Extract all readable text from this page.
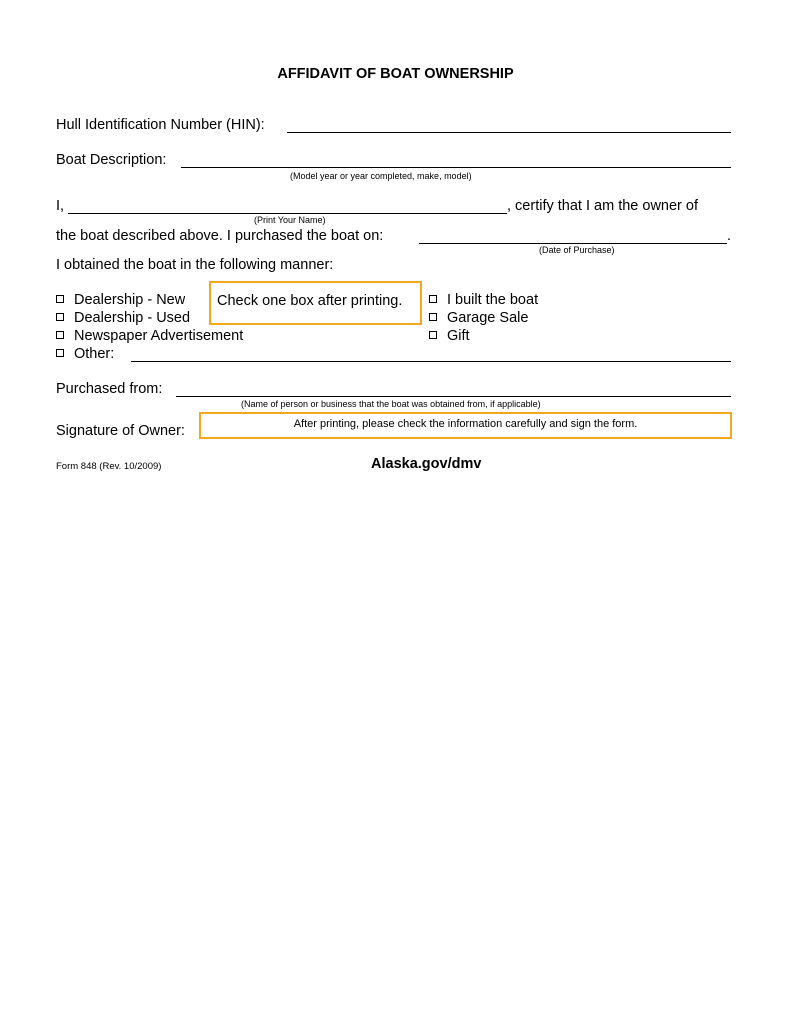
AFFIDAVIT OF BOAT OWNERSHIP
Hull Identification Number (HIN):
Boat Description:
(Model year or year completed, make, model)
I,	, certify that I am the owner of
(Print Your Name)
the boat described above. I purchased the boat on:	.
(Date of Purchase)
I obtained the boat in the following manner:
Dealership - New
Dealership - Used
Newspaper Advertisement
Other:
Check one box after printing.	I built the boat
Garage Sale
Gift
Purchased from:
(Name of person or business that the boat was obtained from, if applicable)
Signature of Owner:	After printing, please check the information carefully and sign the form.
Form 848 (Rev. 10/2009)	Alaska.gov/dmv
